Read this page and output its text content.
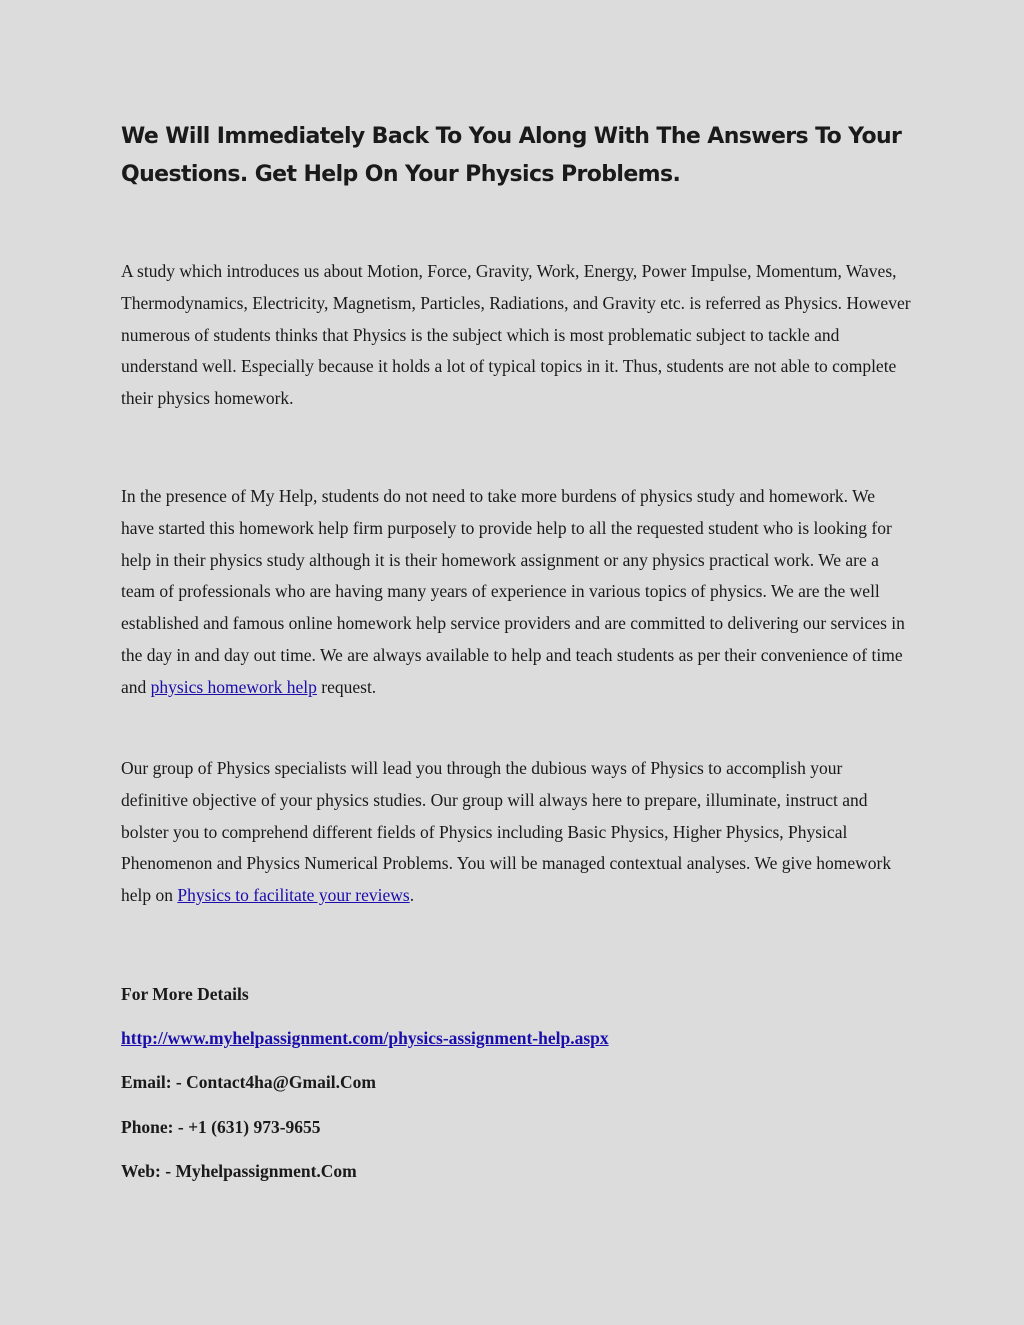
We Will Immediately Back To You Along With The Answers To Your Questions. Get Help On Your Physics Problems.

A study which introduces us about Motion, Force, Gravity, Work, Energy, Power Impulse, Momentum, Waves, Thermodynamics, Electricity, Magnetism, Particles, Radiations, and Gravity etc. is referred as Physics. However numerous of students thinks that Physics is the subject which is most problematic subject to tackle and understand well. Especially because it holds a lot of typical topics in it. Thus, students are not able to complete their physics homework.

In the presence of My Help, students do not need to take more burdens of physics study and homework. We have started this homework help firm purposely to provide help to all the requested student who is looking for help in their physics study although it is their homework assignment or any physics practical work. We are a team of professionals who are having many years of experience in various topics of physics. We are the well established and famous online homework help service providers and are committed to delivering our services in the day in and day out time. We are always available to help and teach students as per their convenience of time and physics homework help request.

Our group of Physics specialists will lead you through the dubious ways of Physics to accomplish your definitive objective of your physics studies. Our group will always here to prepare, illuminate, instruct and bolster you to comprehend different fields of Physics including Basic Physics, Higher Physics, Physical Phenomenon and Physics Numerical Problems. You will be managed contextual analyses. We give homework help on Physics to facilitate your reviews.

For More Details

http://www.myhelpassignment.com/physics-assignment-help.aspx

Email: - Contact4ha@Gmail.Com

Phone: - +1 (631) 973-9655

Web: - Myhelpassignment.Com
